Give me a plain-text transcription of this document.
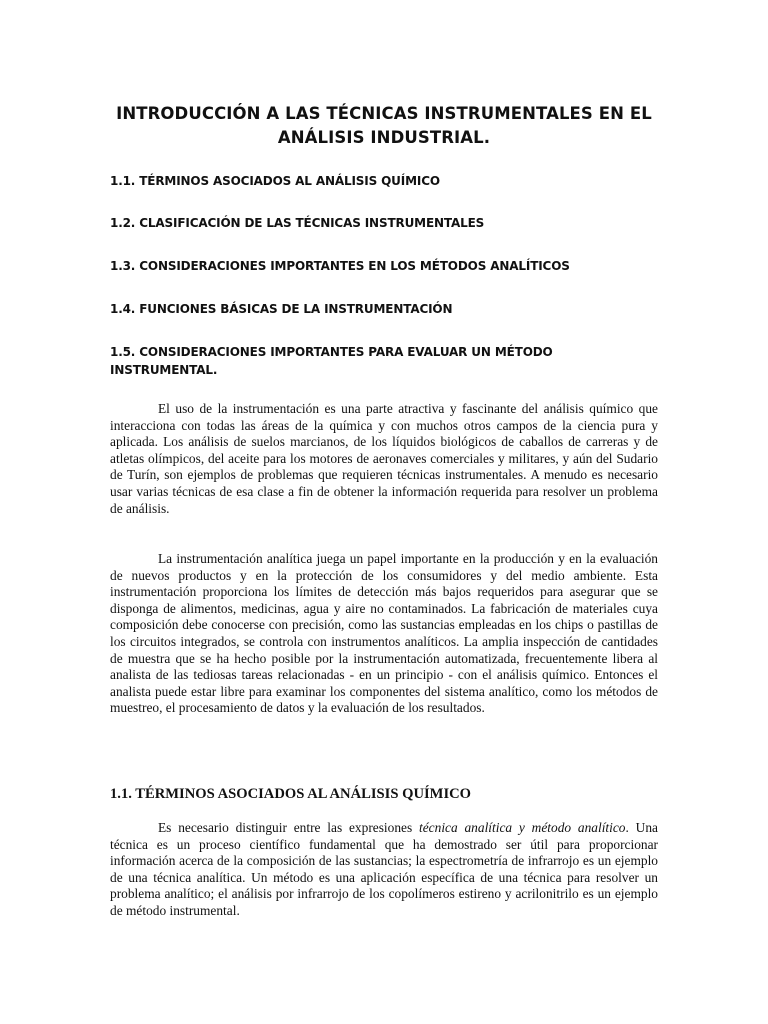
INTRODUCCIÓN A LAS TÉCNICAS INSTRUMENTALES EN EL ANÁLISIS INDUSTRIAL.
1.1. TÉRMINOS ASOCIADOS AL ANÁLISIS QUÍMICO
1.2. CLASIFICACIÓN DE LAS TÉCNICAS INSTRUMENTALES
1.3. CONSIDERACIONES IMPORTANTES EN LOS MÉTODOS ANALÍTICOS
1.4. FUNCIONES BÁSICAS DE LA INSTRUMENTACIÓN
1.5. CONSIDERACIONES IMPORTANTES PARA EVALUAR UN MÉTODO INSTRUMENTAL.

El uso de la instrumentación es una parte atractiva y fascinante del análisis químico que interacciona con todas las áreas de la química y con muchos otros campos de la ciencia pura y aplicada. Los análisis de suelos marcianos, de los líquidos biológicos de caballos de carreras y de atletas olímpicos, del aceite para los motores de aeronaves comerciales y militares, y aún del Sudario de Turín, son ejemplos de problemas que requieren técnicas instrumentales. A menudo es necesario usar varias técnicas de esa clase a fin de obtener la información requerida para resolver un problema de análisis.

La instrumentación analítica juega un papel importante en la producción y en la evaluación de nuevos productos y en la protección de los consumidores y del medio ambiente. Esta instrumentación proporciona los límites de detección más bajos requeridos para asegurar que se disponga de alimentos, medicinas, agua y aire no contaminados. La fabricación de materiales cuya composición debe conocerse con precisión, como las sustancias empleadas en los chips o pastillas de los circuitos integrados, se controla con instrumentos analíticos. La amplia inspección de cantidades de muestra que se ha hecho posible por la instrumentación automatizada, frecuentemente libera al analista de las tediosas tareas relacionadas - en un principio - con el análisis químico. Entonces el analista puede estar libre para examinar los componentes del sistema analítico, como los métodos de muestreo, el procesamiento de datos y la evaluación de los resultados.

1.1. TÉRMINOS ASOCIADOS AL ANÁLISIS QUÍMICO

Es necesario distinguir entre las expresiones técnica analítica y método analítico. Una técnica es un proceso científico fundamental que ha demostrado ser útil para proporcionar información acerca de la composición de las sustancias; la espectrometría de infrarrojo es un ejemplo de una técnica analítica. Un método es una aplicación específica de una técnica para resolver un problema analítico; el análisis por infrarrojo de los copolímeros estireno y acrilonitrilo es un ejemplo de método instrumental.
